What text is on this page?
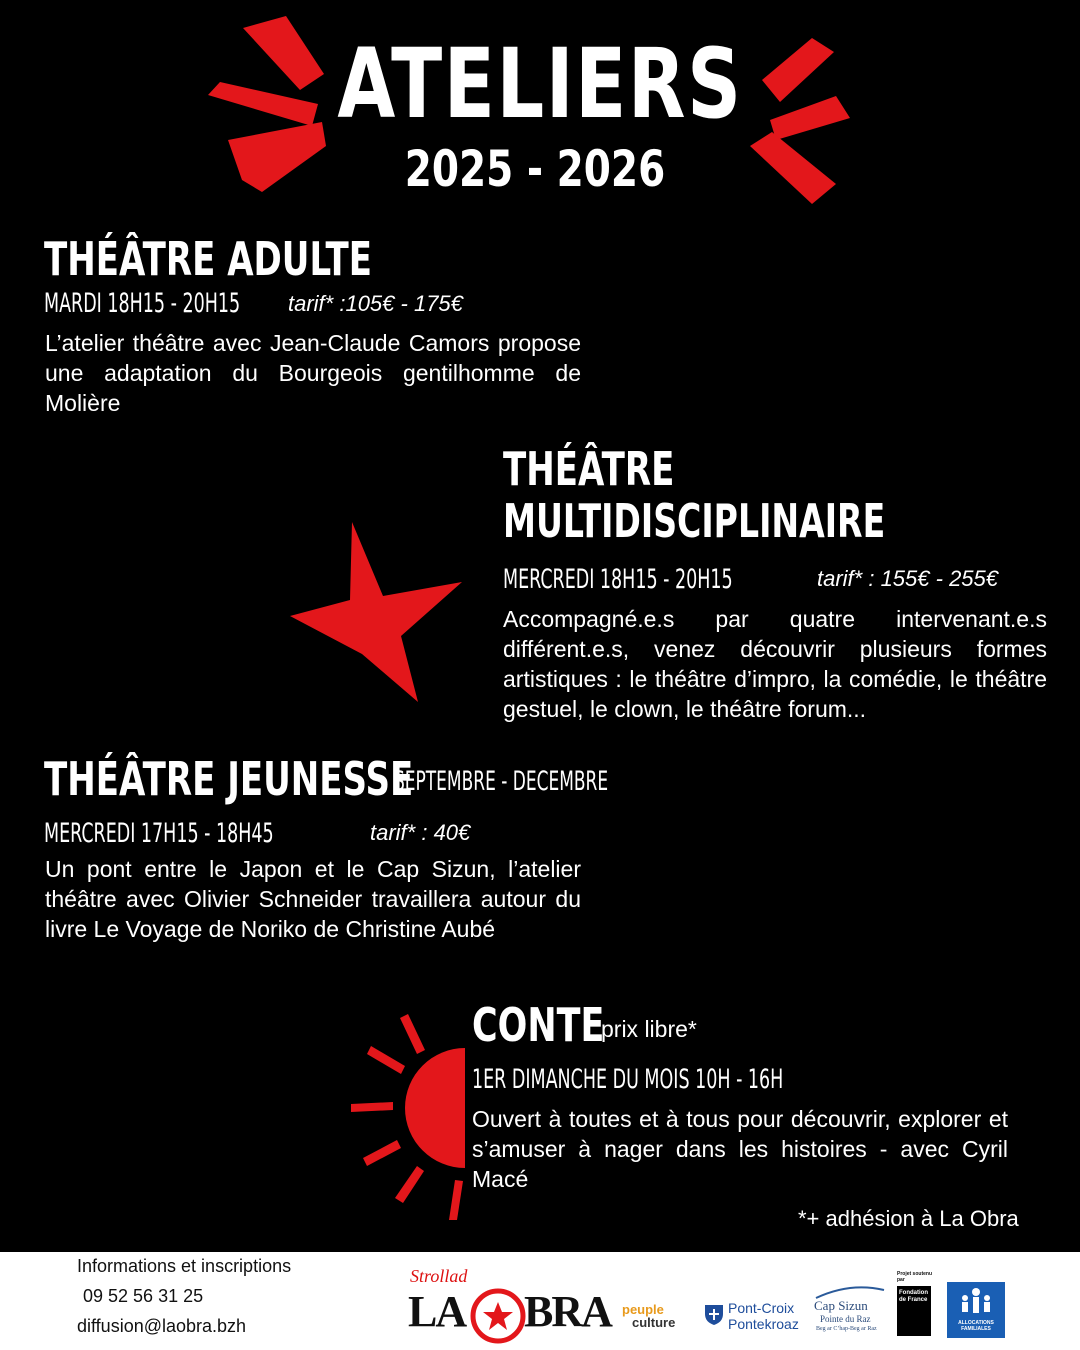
ATELIERS
2025 - 2026
THÉÂTRE ADULTE
MARDI 18H15 - 20H15 tarif* :105€ - 175€
L’atelier théâtre avec Jean-Claude Camors propose une adaptation du Bourgeois gentilhomme de Molière
THÉÂTRE
MULTIDISCIPLINAIRE
MERCREDI 18H15 - 20H15	tarif* : 155€ - 255€
Accompagné.e.s par quatre intervenant.e.s différent.e.s, venez découvrir plusieurs formes artistiques : le théâtre d’impro, la comédie, le théâtre gestuel, le clown, le théâtre forum...
THÉÂTRE JEUNESSE
SEPTEMBRE - DECEMBRE
MERCREDI 17H15 - 18H45	tarif* : 40€
Un pont entre le Japon et le Cap Sizun, l’atelier théâtre avec Olivier Schneider travaillera autour du livre Le Voyage de Noriko de Christine Aubé
CONTE
prix libre*
1ER DIMANCHE DU MOIS 10H - 16H
Ouvert à toutes et à tous pour découvrir, explorer et s’amuser à nager dans les histoires - avec Cyril Macé
*+ adhésion à La Obra
Informations et inscriptions
09 52 56 31 25
diffusion@laobra.bzh
Strollad
LA BRA peuple
culture
Pont-Croix
Pontekroaz
Cap Sizun
Pointe du Raz
Beg ar C’hap-Beg ar Raz
Projet soutenu par
Fondation de France
ALLOCATIONS FAMILIALES
